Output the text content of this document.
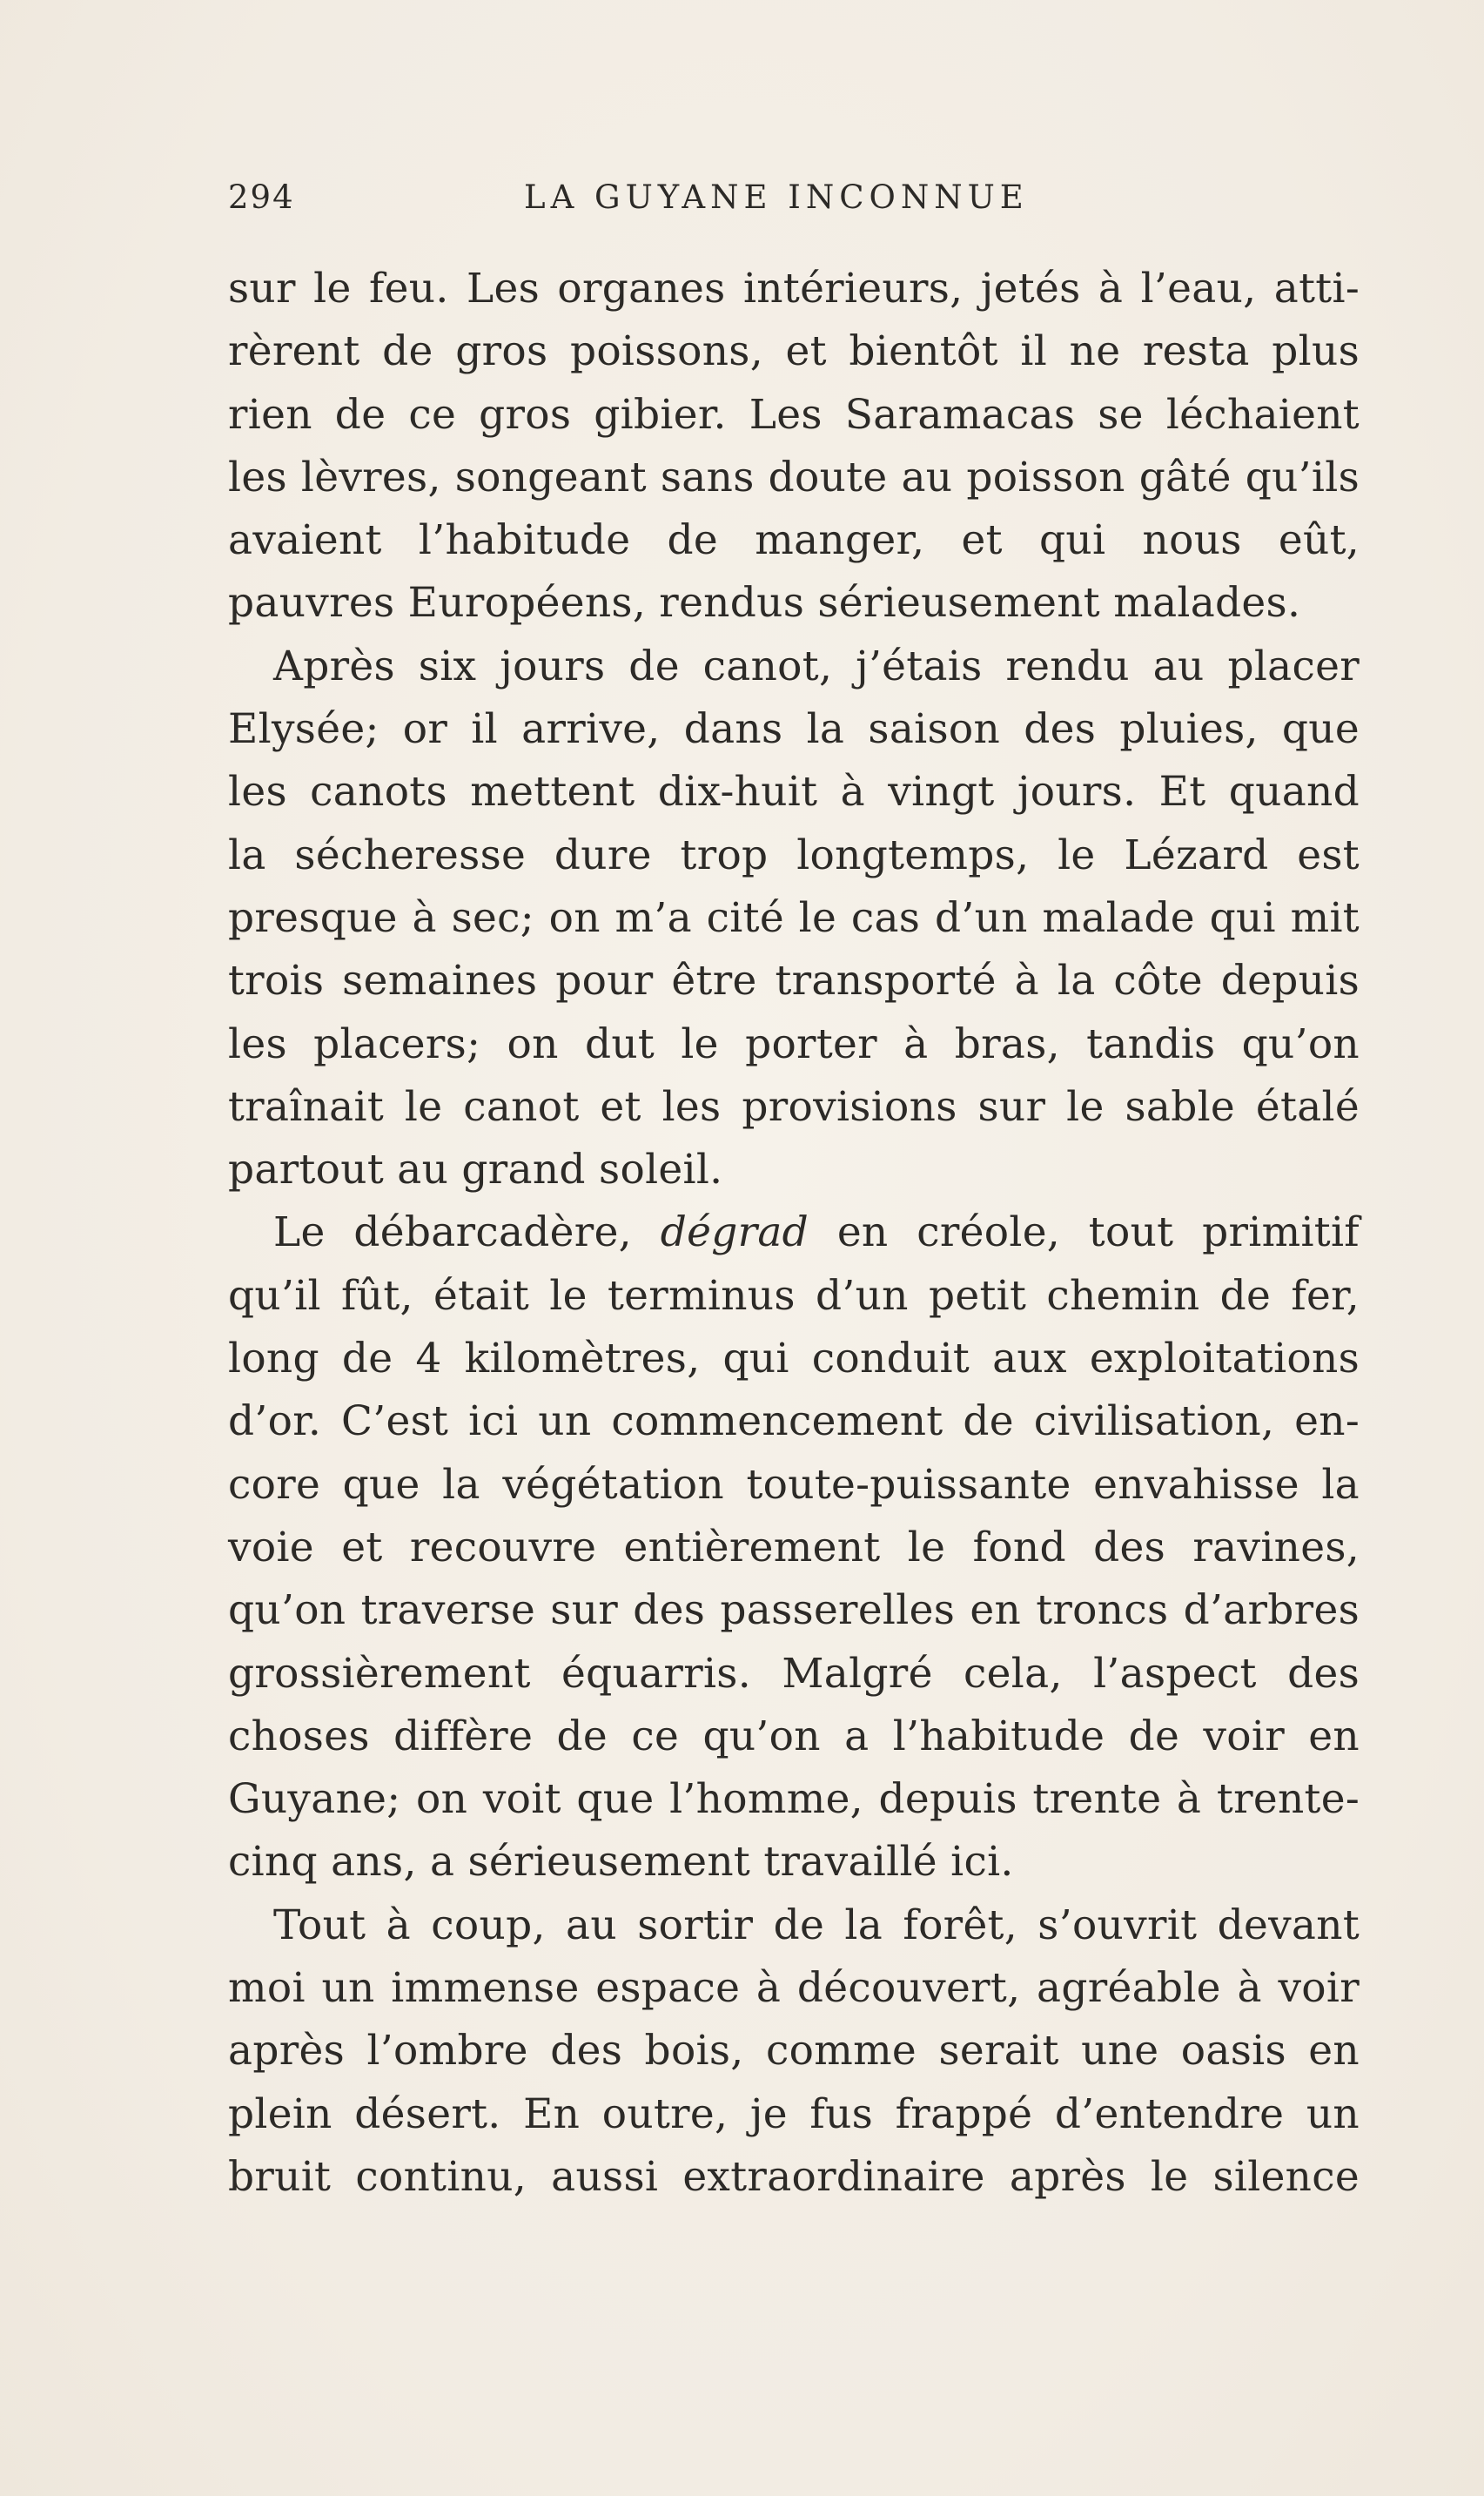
294	LA GUYANE INCONNUE
sur le feu. Les organes intérieurs, jetés à l’eau, atti-
rèrent de gros poissons, et bientôt il ne resta plus
rien de ce gros gibier. Les Saramacas se léchaient
les lèvres, songeant sans doute au poisson gâté qu’ils
avaient l’habitude de manger, et qui nous eût,
pauvres Européens, rendus sérieusement malades.
Après six jours de canot, j’étais rendu au placer
Elysée; or il arrive, dans la saison des pluies, que
les canots mettent dix-huit à vingt jours. Et quand
la sécheresse dure trop longtemps, le Lézard est
presque à sec; on m’a cité le cas d’un malade qui mit
trois semaines pour être transporté à la côte depuis
les placers; on dut le porter à bras, tandis qu’on
traînait le canot et les provisions sur le sable étalé
partout au grand soleil.
Le débarcadère, dégrad en créole, tout primitif
qu’il fût, était le terminus d’un petit chemin de fer,
long de 4 kilomètres, qui conduit aux exploitations
d’or. C’est ici un commencement de civilisation, en-
core que la végétation toute-puissante envahisse la
voie et recouvre entièrement le fond des ravines,
qu’on traverse sur des passerelles en troncs d’arbres
grossièrement équarris. Malgré cela, l’aspect des
choses diffère de ce qu’on a l’habitude de voir en
Guyane; on voit que l’homme, depuis trente à trente-
cinq ans, a sérieusement travaillé ici.
Tout à coup, au sortir de la forêt, s’ouvrit devant
moi un immense espace à découvert, agréable à voir
après l’ombre des bois, comme serait une oasis en
plein désert. En outre, je fus frappé d’entendre un
bruit continu, aussi extraordinaire après le silence
